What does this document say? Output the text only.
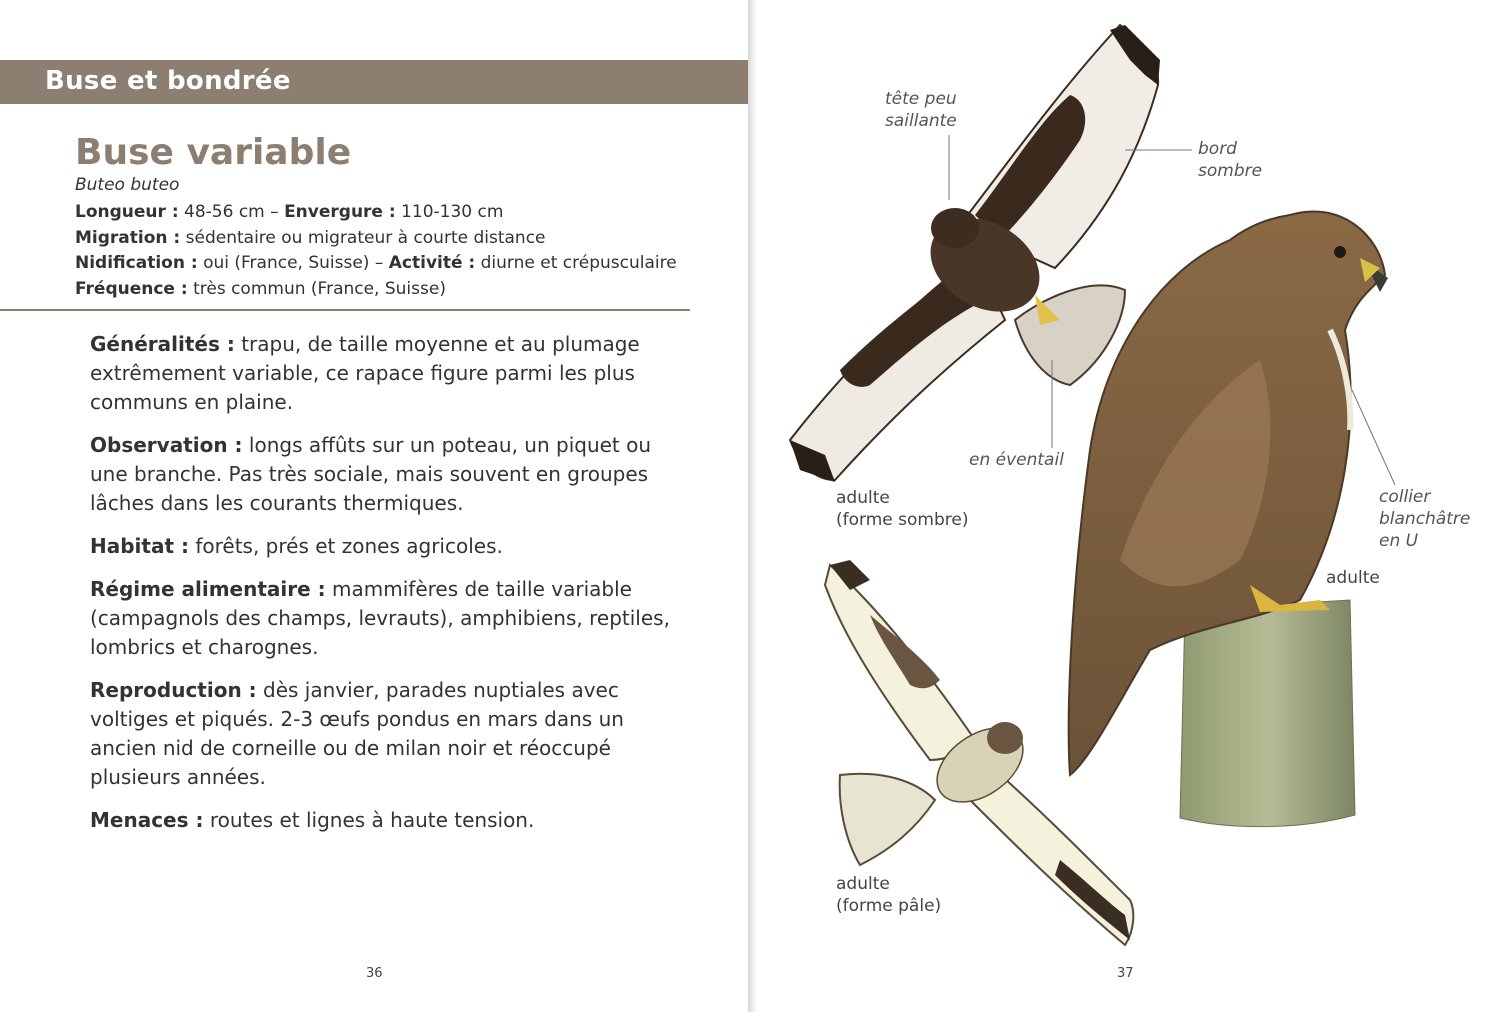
Buse et bondrée
Buse variable
Buteo buteo
Longueur : 48-56 cm – Envergure : 110-130 cm
Migration : sédentaire ou migrateur à courte distance
Nidification : oui (France, Suisse) – Activité : diurne et crépusculaire
Fréquence : très commun (France, Suisse)

Généralités : trapu, de taille moyenne et au plumage extrêmement variable, ce rapace figure parmi les plus communs en plaine.

Observation : longs affûts sur un poteau, un piquet ou une branche. Pas très sociale, mais souvent en groupes lâches dans les courants thermiques.

Habitat : forêts, prés et zones agricoles.

Régime alimentaire : mammifères de taille variable (campagnols des champs, levrauts), amphibiens, reptiles, lombrics et charognes.

Reproduction : dès janvier, parades nuptiales avec voltiges et piqués. 2-3 œufs pondus en mars dans un ancien nid de corneille ou de milan noir et réoccupé plusieurs années.

Menaces : routes et lignes à haute tension.

36
tête peu
saillante
bord
sombre
en éventail
collier
blanchâtre
en U
adulte
(forme sombre)
adulte
adulte
(forme pâle)
37
